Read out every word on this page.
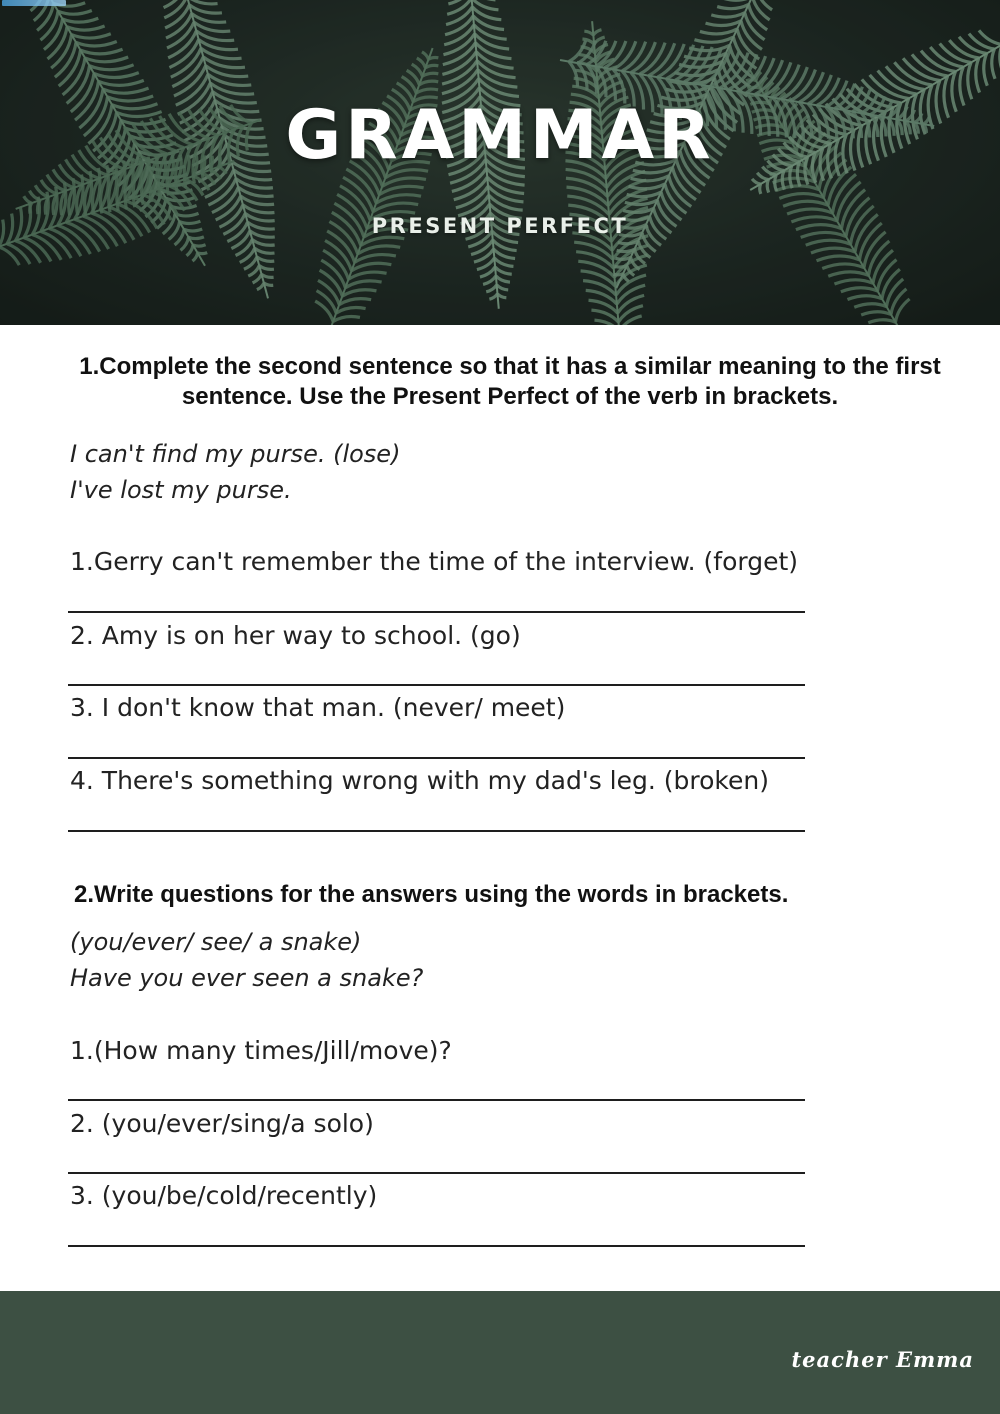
GRAMMAR
PRESENT PERFECT
1.Complete the second sentence so that it has a similar meaning to the first sentence. Use the Present Perfect of the verb in brackets.
I can't find my purse. (lose)
I've lost my purse.
1.Gerry can't remember the time of the interview. (forget)
2. Amy is on her way to school. (go)
3. I don't know that man. (never/ meet)
4. There's something wrong with my dad's leg. (broken)
2.Write questions for the answers using the words in brackets.
(you/ever/ see/ a snake)
Have you ever seen a snake?
1.(How many times/Jill/move)?
2. (you/ever/sing/a solo)
3. (you/be/cold/recently)
teacher Emma
